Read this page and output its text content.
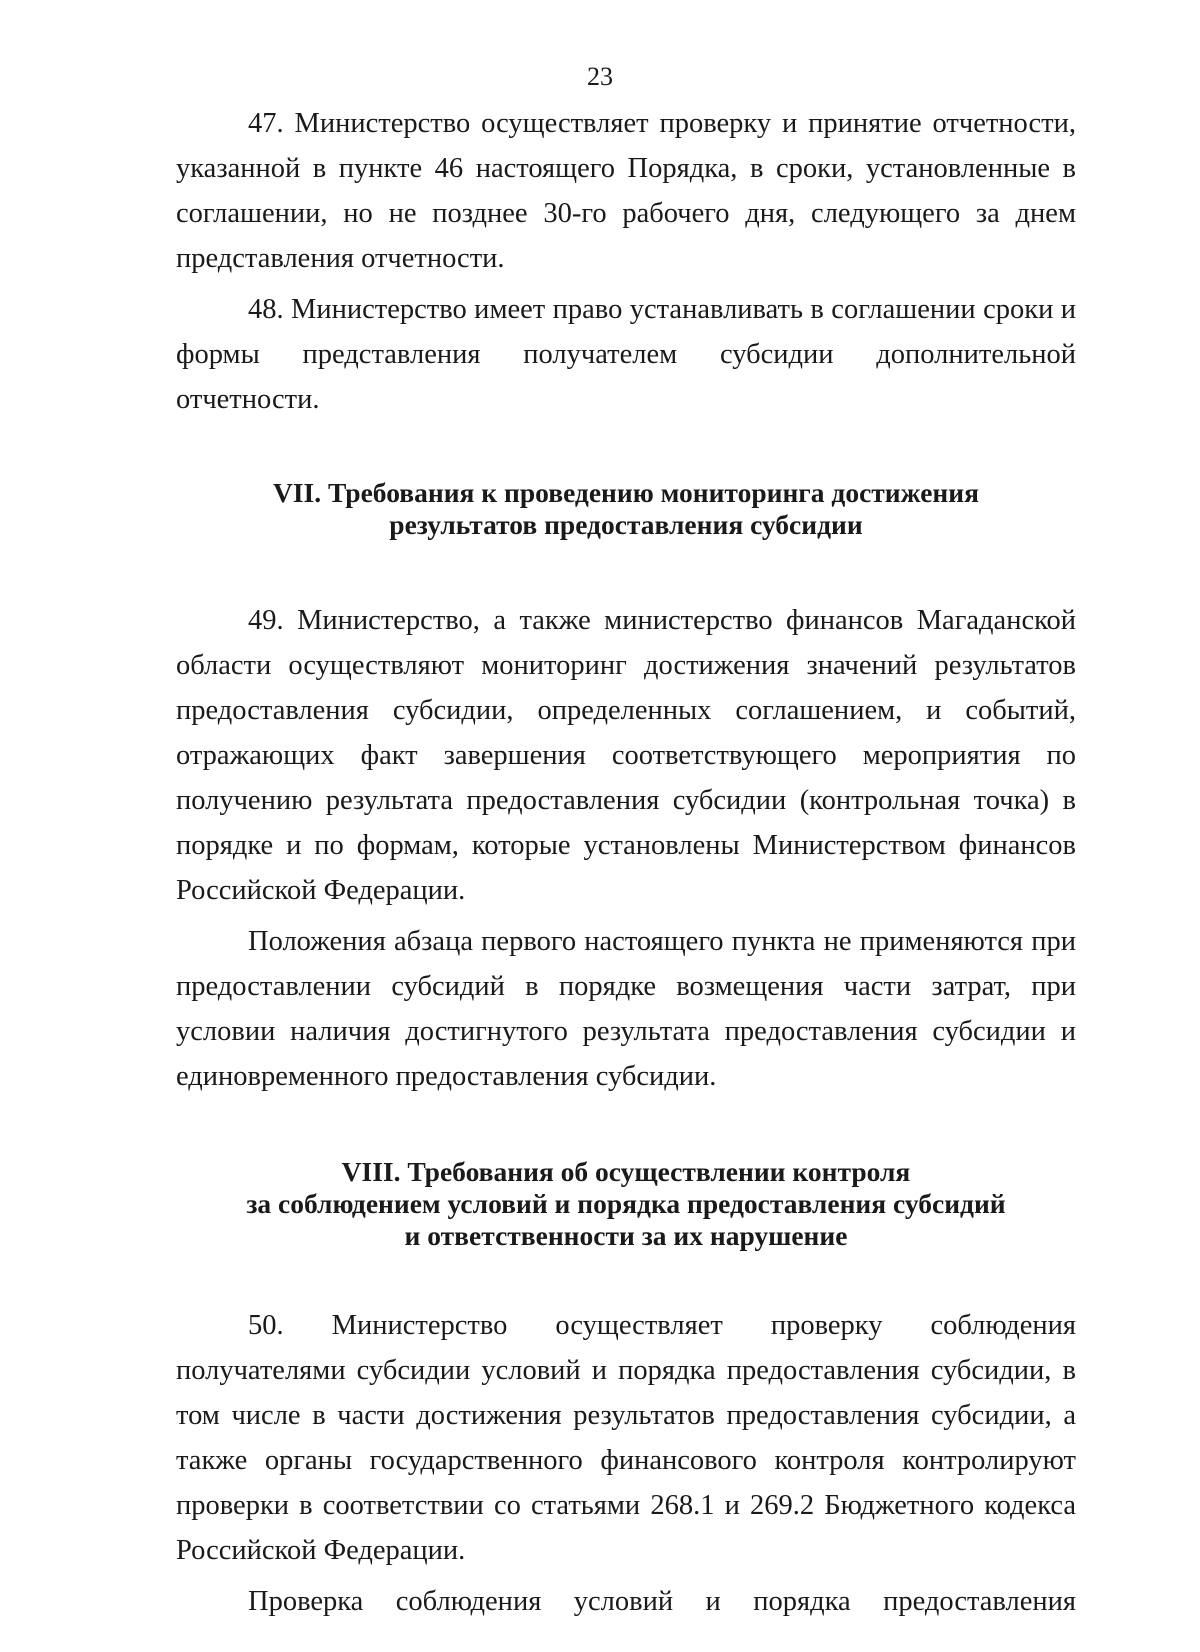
23

47. Министерство осуществляет проверку и принятие отчетности, указанной в пункте 46 настоящего Порядка, в сроки, установленные в соглашении, но не позднее 30-го рабочего дня, следующего за днем представления отчетности.

48. Министерство имеет право устанавливать в соглашении сроки и формы представления получателем субсидии дополнительной отчетности.

VII. Требования к проведению мониторинга достижения
результатов предоставления субсидии

49. Министерство, а также министерство финансов Магаданской области осуществляют мониторинг достижения значений результатов предоставления субсидии, определенных соглашением, и событий, отражающих факт завершения соответствующего мероприятия по получению результата предоставления субсидии (контрольная точка) в порядке и по формам, которые установлены Министерством финансов Российской Федерации.

Положения абзаца первого настоящего пункта не применяются при предоставлении субсидий в порядке возмещения части затрат, при условии наличия достигнутого результата предоставления субсидии и единовременного предоставления субсидии.

VIII. Требования об осуществлении контроля
за соблюдением условий и порядка предоставления субсидий
и ответственности за их нарушение

50. Министерство осуществляет проверку соблюдения получателями субсидии условий и порядка предоставления субсидии, в том числе в части достижения результатов предоставления субсидии, а также органы государственного финансового контроля контролируют проверки в соответствии со статьями 268.1 и 269.2 Бюджетного кодекса Российской Федерации.

Проверка соблюдения условий и порядка предоставления
